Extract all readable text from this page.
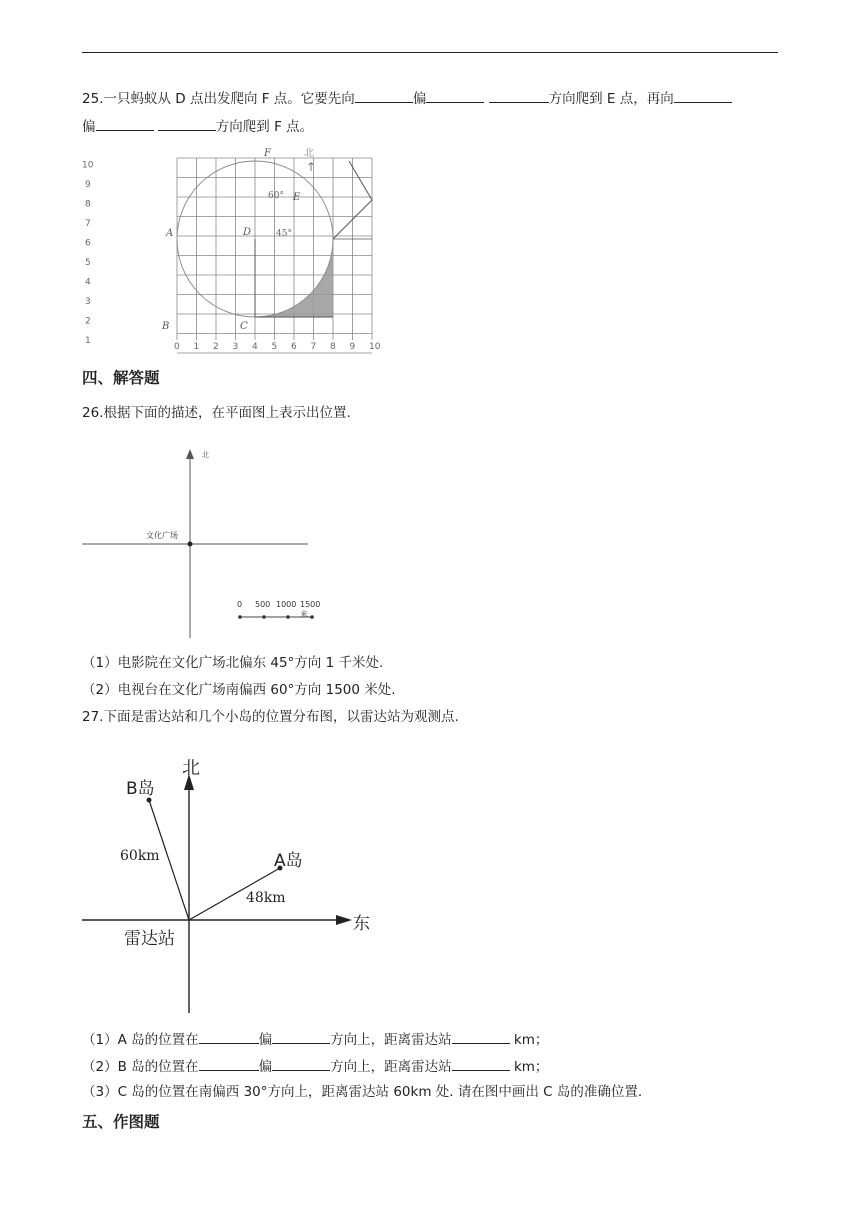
25.一只蚂蚁从 D 点出发爬向 F 点。它要先向	偏	方向爬到 E 点，再向
偏	方向爬到 F 点。
0 1 2 3 4 5 6 7 8 9 10
1
2
3
4
5
6
7
8
9
10
A
B	C
D
E
F
45°
60°
北
↑
四、解答题
26.根据下面的描述，在平面图上表示出位置.
北
文化广场
0 500 1000 1500米
（1）电影院在文化广场北偏东 45°方向 1 千米处.
（2）电视台在文化广场南偏西 60°方向 1500 米处.
27.下面是雷达站和几个小岛的位置分布图，以雷达站为观测点.
北
东
雷达站
B岛
A岛
60km
48km
（1）A 岛的位置在	偏	方向上，距离雷达站	km；
（2）B 岛的位置在	偏	方向上，距离雷达站	km；
（3）C 岛的位置在南偏西 30°方向上，距离雷达站 60km 处. 请在图中画出 C 岛的准确位置.
五、作图题
